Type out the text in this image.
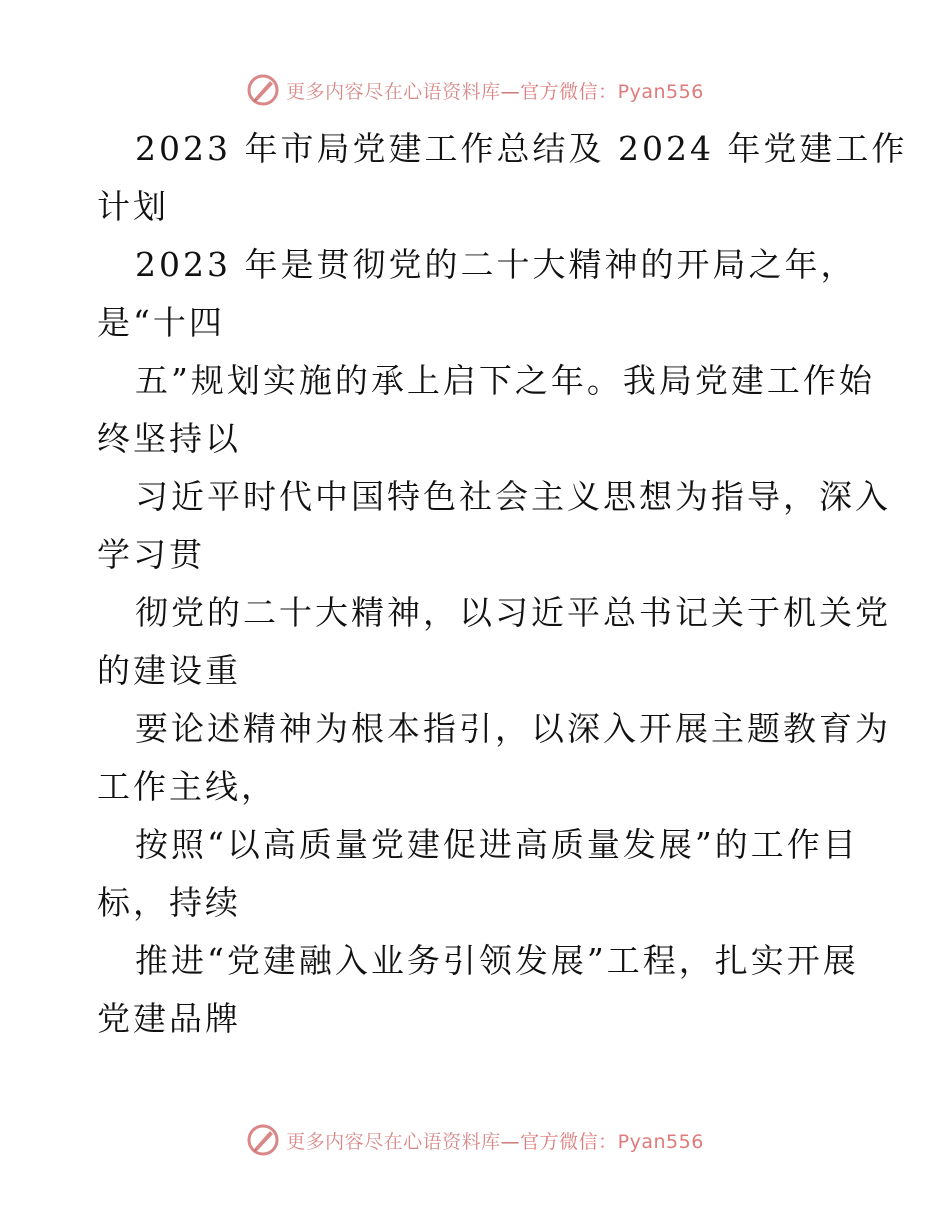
更多内容尽在心语资料库—官方微信：Pyan556
2023 年市局党建工作总结及 2024 年党建工作
计划
2023 年是贯彻党的二十大精神的开局之年，
是“十四
五”规划实施的承上启下之年。我局党建工作始
终坚持以
习近平时代中国特色社会主义思想为指导，深入
学习贯
彻党的二十大精神，以习近平总书记关于机关党
的建设重
要论述精神为根本指引，以深入开展主题教育为
工作主线，
按照“以高质量党建促进高质量发展”的工作目
标，持续
推进“党建融入业务引领发展”工程，扎实开展
党建品牌
更多内容尽在心语资料库—官方微信：Pyan556
